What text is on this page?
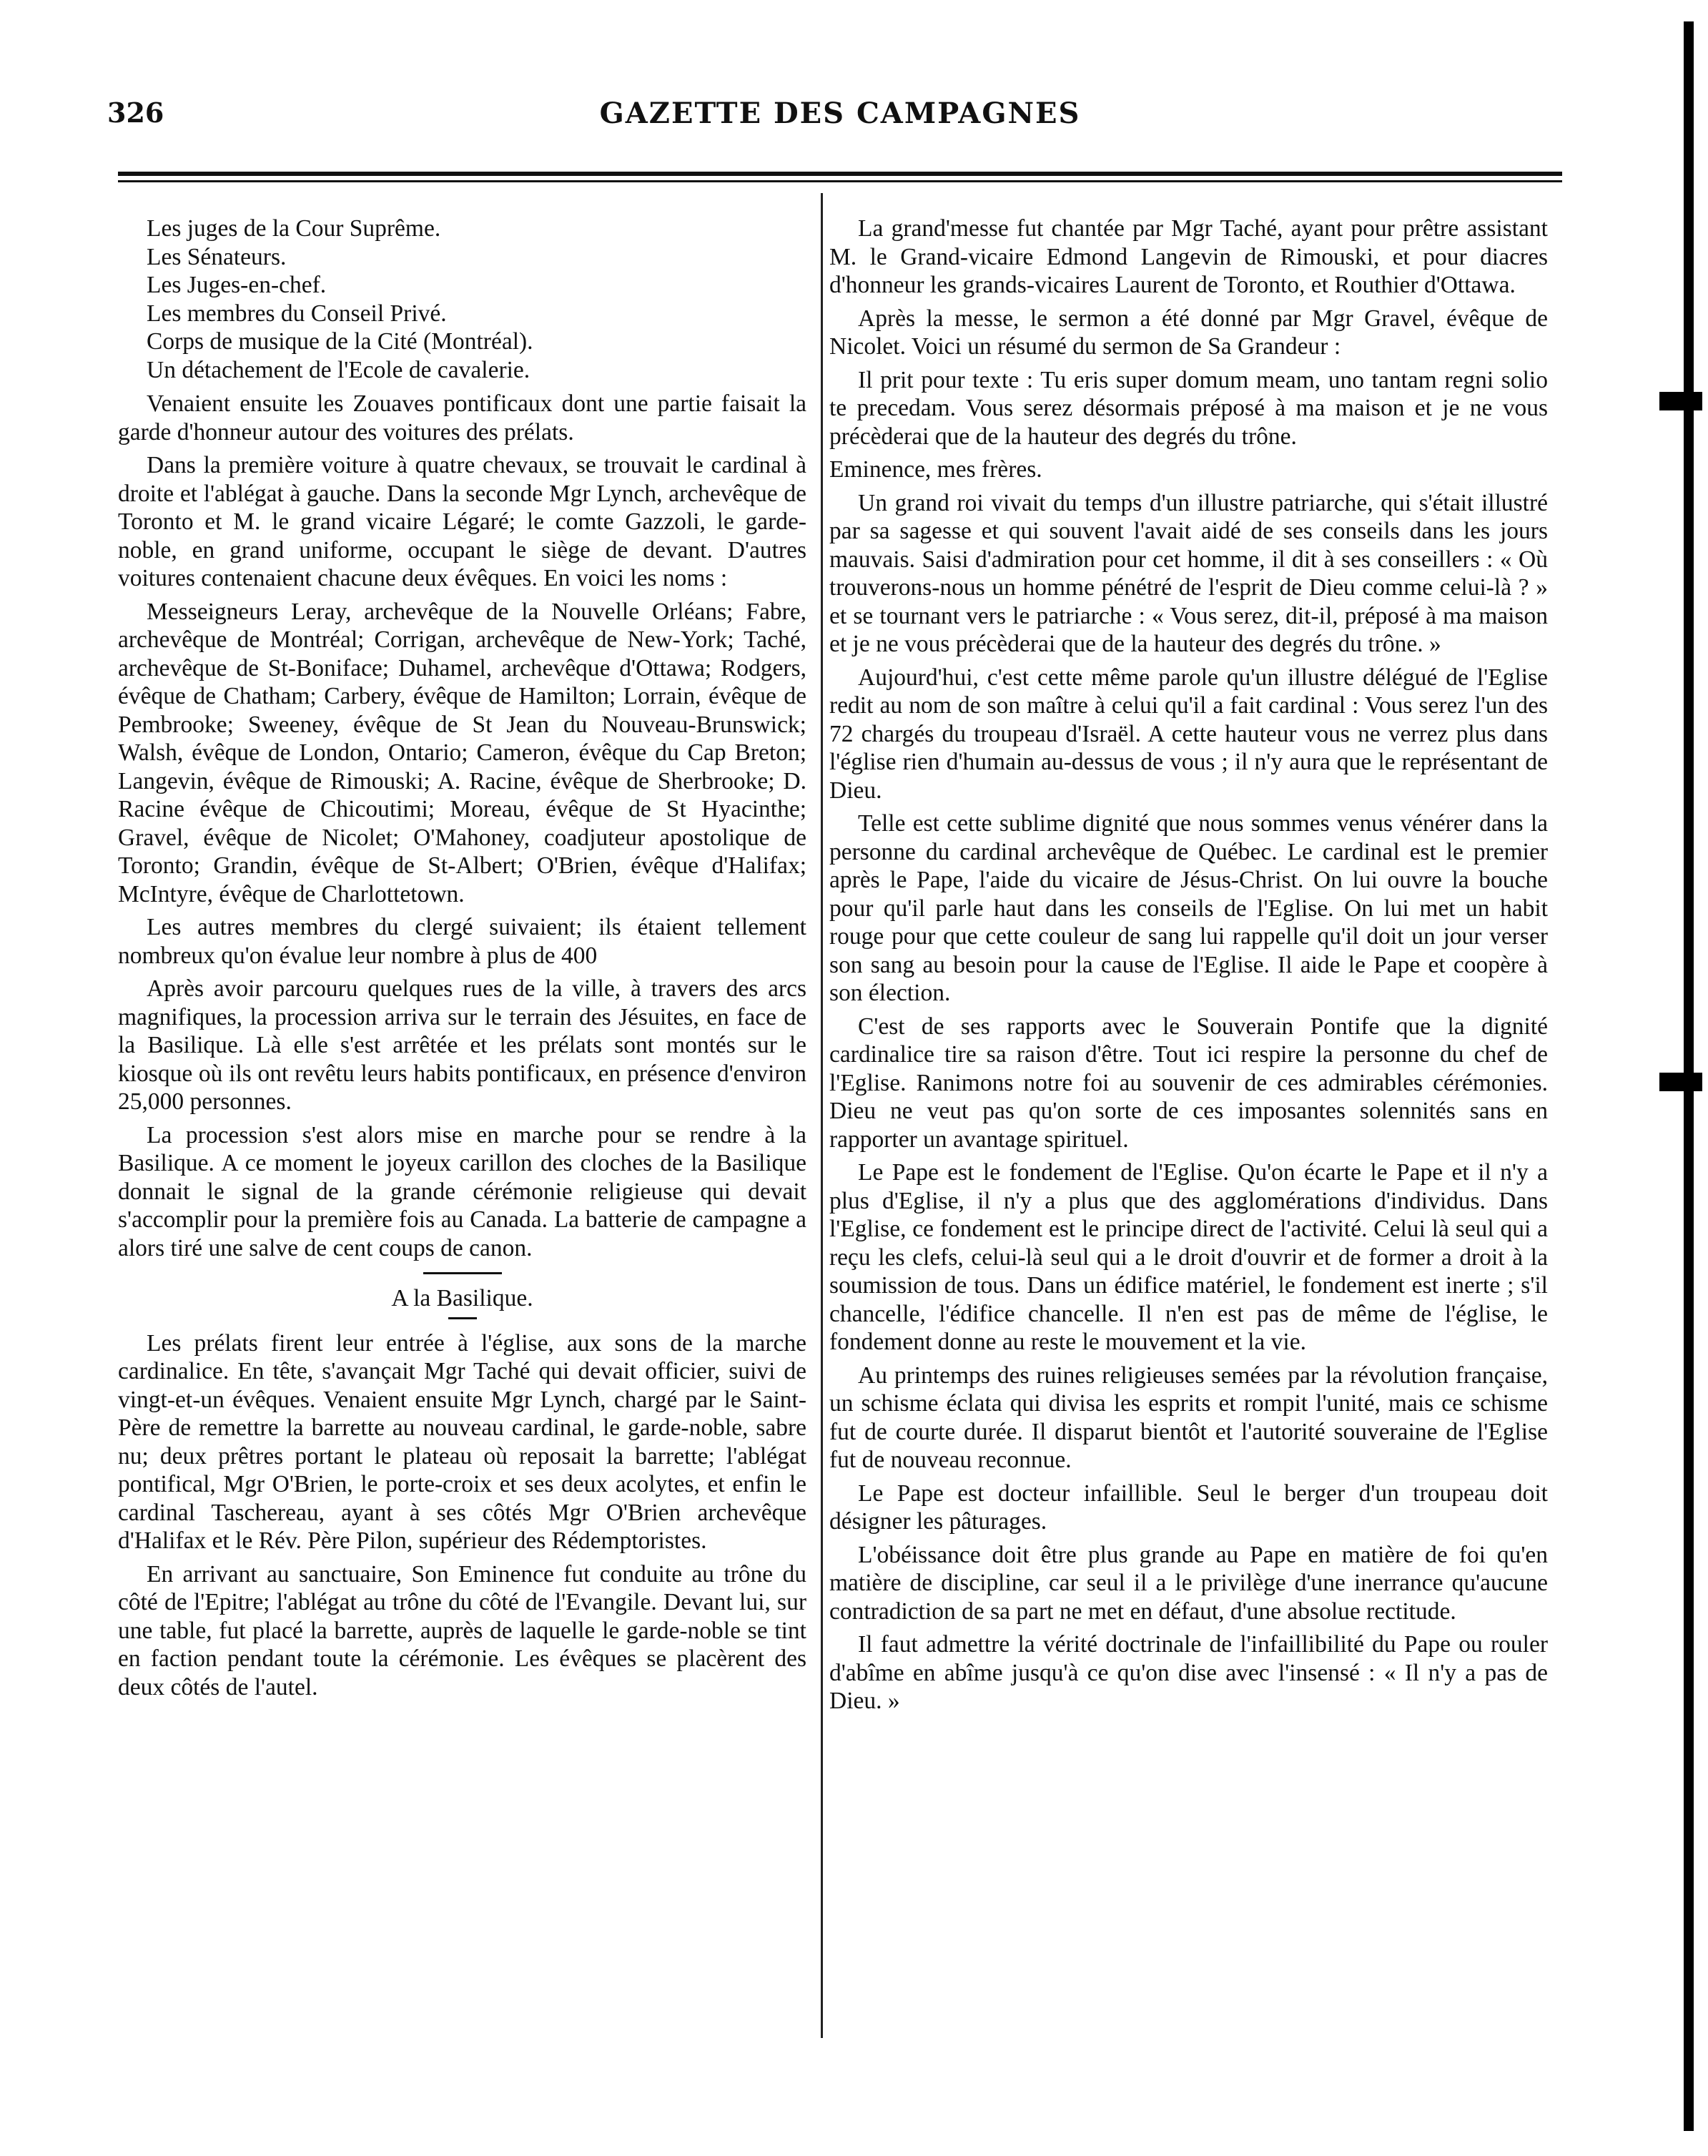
326	GAZETTE DES CAMPAGNES
Les juges de la Cour Suprême.
Les Sénateurs.
Les Juges-en-chef.
Les membres du Conseil Privé.
Corps de musique de la Cité (Montréal).
Un détachement de l'Ecole de cavalerie.

Venaient ensuite les Zouaves pontificaux dont une partie faisait la garde d'honneur autour des voitures des prélats.

Dans la première voiture à quatre chevaux, se trouvait le cardinal à droite et l'ablégat à gauche. Dans la seconde Mgr Lynch, archevêque de Toronto et M. le grand vicaire Légaré; le comte Gazzoli, le garde-noble, en grand uniforme, occupant le siège de devant. D'autres voitures contenaient chacune deux évêques. En voici les noms :

Messeigneurs Leray, archevêque de la Nouvelle Orléans; Fabre, archevêque de Montréal; Corrigan, archevêque de New-York; Taché, archevêque de St-Boniface; Duhamel, archevêque d'Ottawa; Rodgers, évêque de Chatham; Carbery, évêque de Hamilton; Lorrain, évêque de Pembrooke; Sweeney, évêque de St Jean du Nouveau-Brunswick; Walsh, évêque de London, Ontario; Cameron, évêque du Cap Breton; Langevin, évêque de Rimouski; A. Racine, évêque de Sherbrooke; D. Racine évêque de Chicoutimi; Moreau, évêque de St Hyacinthe; Gravel, évêque de Nicolet; O'Mahoney, coadjuteur apostolique de Toronto; Grandin, évêque de St-Albert; O'Brien, évêque d'Halifax; McIntyre, évêque de Charlottetown.

Les autres membres du clergé suivaient; ils étaient tellement nombreux qu'on évalue leur nombre à plus de 400

Après avoir parcouru quelques rues de la ville, à travers des arcs magnifiques, la procession arriva sur le terrain des Jésuites, en face de la Basilique. Là elle s'est arrêtée et les prélats sont montés sur le kiosque où ils ont revêtu leurs habits pontificaux, en présence d'environ 25,000 personnes.

La procession s'est alors mise en marche pour se rendre à la Basilique. A ce moment le joyeux carillon des cloches de la Basilique donnait le signal de la grande cérémonie religieuse qui devait s'accomplir pour la première fois au Canada. La batterie de campagne a alors tiré une salve de cent coups de canon.

A la Basilique.

Les prélats firent leur entrée à l'église, aux sons de la marche cardinalice. En tête, s'avançait Mgr Taché qui devait officier, suivi de vingt-et-un évêques. Venaient ensuite Mgr Lynch, chargé par le Saint-Père de remettre la barrette au nouveau cardinal, le garde-noble, sabre nu; deux prêtres portant le plateau où reposait la barrette; l'ablégat pontifical, Mgr O'Brien, le porte-croix et ses deux acolytes, et enfin le cardinal Taschereau, ayant à ses côtés Mgr O'Brien archevêque d'Halifax et le Rév. Père Pilon, supérieur des Rédemptoristes.

En arrivant au sanctuaire, Son Eminence fut conduite au trône du côté de l'Epitre; l'ablégat au trône du côté de l'Evangile. Devant lui, sur une table, fut placé la barrette, auprès de laquelle le garde-noble se tint en faction pendant toute la cérémonie. Les évêques se placèrent des deux côtés de l'autel.

La grand'messe fut chantée par Mgr Taché, ayant pour prêtre assistant M. le Grand-vicaire Edmond Langevin de Rimouski, et pour diacres d'honneur les grands-vicaires Laurent de Toronto, et Routhier d'Ottawa.

Après la messe, le sermon a été donné par Mgr Gravel, évêque de Nicolet. Voici un résumé du sermon de Sa Grandeur :

Il prit pour texte : Tu eris super domum meam, uno tantam regni solio te precedam. Vous serez désormais préposé à ma maison et je ne vous précèderai que de la hauteur des degrés du trône.

Eminence, mes frères.

Un grand roi vivait du temps d'un illustre patriarche, qui s'était illustré par sa sagesse et qui souvent l'avait aidé de ses conseils dans les jours mauvais. Saisi d'admiration pour cet homme, il dit à ses conseillers : « Où trouverons-nous un homme pénétré de l'esprit de Dieu comme celui-là ? » et se tournant vers le patriarche : « Vous serez, dit-il, préposé à ma maison et je ne vous précèderai que de la hauteur des degrés du trône. »

Aujourd'hui, c'est cette même parole qu'un illustre délégué de l'Eglise redit au nom de son maître à celui qu'il a fait cardinal : Vous serez l'un des 72 chargés du troupeau d'Israël. A cette hauteur vous ne verrez plus dans l'église rien d'humain au-dessus de vous ; il n'y aura que le représentant de Dieu.

Telle est cette sublime dignité que nous sommes venus vénérer dans la personne du cardinal archevêque de Québec. Le cardinal est le premier après le Pape, l'aide du vicaire de Jésus-Christ. On lui ouvre la bouche pour qu'il parle haut dans les conseils de l'Eglise. On lui met un habit rouge pour que cette couleur de sang lui rappelle qu'il doit un jour verser son sang au besoin pour la cause de l'Eglise. Il aide le Pape et coopère à son élection.

C'est de ses rapports avec le Souverain Pontife que la dignité cardinalice tire sa raison d'être. Tout ici respire la personne du chef de l'Eglise. Ranimons notre foi au souvenir de ces admirables cérémonies. Dieu ne veut pas qu'on sorte de ces imposantes solennités sans en rapporter un avantage spirituel.

Le Pape est le fondement de l'Eglise. Qu'on écarte le Pape et il n'y a plus d'Eglise, il n'y a plus que des agglomérations d'individus. Dans l'Eglise, ce fondement est le principe direct de l'activité. Celui là seul qui a reçu les clefs, celui-là seul qui a le droit d'ouvrir et de former a droit à la soumission de tous. Dans un édifice matériel, le fondement est inerte ; s'il chancelle, l'édifice chancelle. Il n'en est pas de même de l'église, le fondement donne au reste le mouvement et la vie.

Au printemps des ruines religieuses semées par la révolution française, un schisme éclata qui divisa les esprits et rompit l'unité, mais ce schisme fut de courte durée. Il disparut bientôt et l'autorité souveraine de l'Eglise fut de nouveau reconnue.

Le Pape est docteur infaillible. Seul le berger d'un troupeau doit désigner les pâturages.

L'obéissance doit être plus grande au Pape en matière de foi qu'en matière de discipline, car seul il a le privilège d'une inerrance qu'aucune contradiction de sa part ne met en défaut, d'une absolue rectitude.

Il faut admettre la vérité doctrinale de l'infaillibilité du Pape ou rouler d'abîme en abîme jusqu'à ce qu'on dise avec l'insensé : « Il n'y a pas de Dieu. »
